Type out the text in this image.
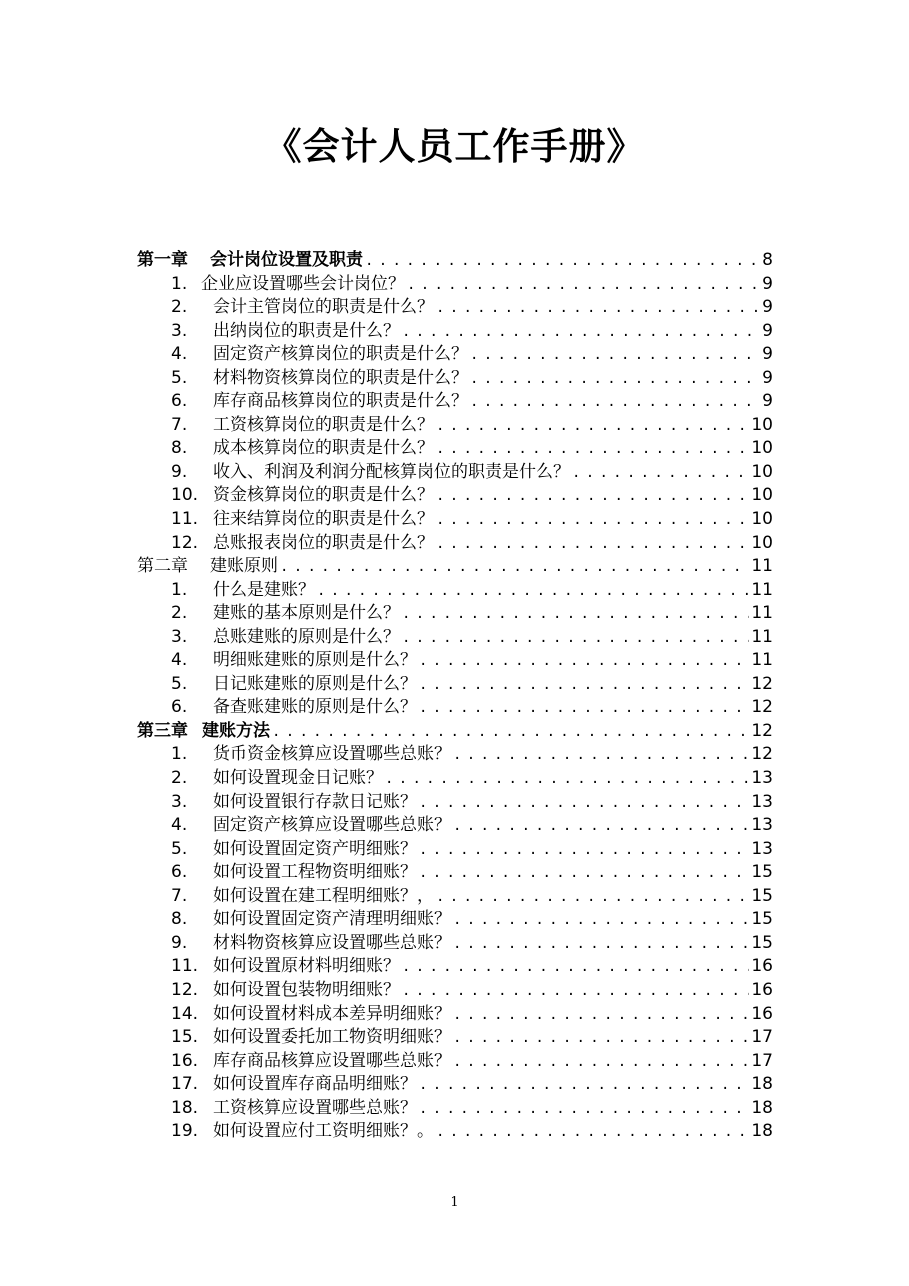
《会计人员工作手册》
第一章 会计岗位设置及职责 .....	8
1. 企业应设置哪些会计岗位？ .....	9
2.	会计主管岗位的职责是什么？ .....	9
3.	出纳岗位的职责是什么？ .....	9
4.	固定资产核算岗位的职责是什么？ .....	9
5.	材料物资核算岗位的职责是什么？ .....	9
6.	库存商品核算岗位的职责是什么？ .....	9
7.	工资核算岗位的职责是什么？ .....	10
8.	成本核算岗位的职责是什么？ .....	10
9.	收入、利润及利润分配核算岗位的职责是什么？ .....	10
10. 资金核算岗位的职责是什么？ .....	10
11. 往来结算岗位的职责是什么？ .....	10
12. 总账报表岗位的职责是什么？ .....	10
第二章 建账原则 .....	11
1.	什么是建账？ .....	11
2.	建账的基本原则是什么？ .....	11
3.	总账建账的原则是什么？ .....	11
4.	明细账建账的原则是什么？ .....	11
5.	日记账建账的原则是什么？ .....	12
6.	备查账建账的原则是什么？ .....	12
第三章 建账方法 .....	12
1.	货币资金核算应设置哪些总账？ .....	12
2.	如何设置现金日记账？ .....	13
3.	如何设置银行存款日记账？ .....	13
4.	固定资产核算应设置哪些总账？ .....	13
5.	如何设置固定资产明细账？ .....	13
6.	如何设置工程物资明细账？ .....	15
7.	如何设置在建工程明细账？， .....	15
8.	如何设置固定资产清理明细账？ .....	15
9.	材料物资核算应设置哪些总账？ .....	15
11. 如何设置原材料明细账？ .....	16
12. 如何设置包装物明细账？ .....	16
14. 如何设置材料成本差异明细账？ .....	16
15. 如何设置委托加工物资明细账？ .....	17
16. 库存商品核算应设置哪些总账？ .....	17
17. 如何设置库存商品明细账？ .....	18
18. 工资核算应设置哪些总账？ .....	18
19. 如何设置应付工资明细账？。 .....	18
1
